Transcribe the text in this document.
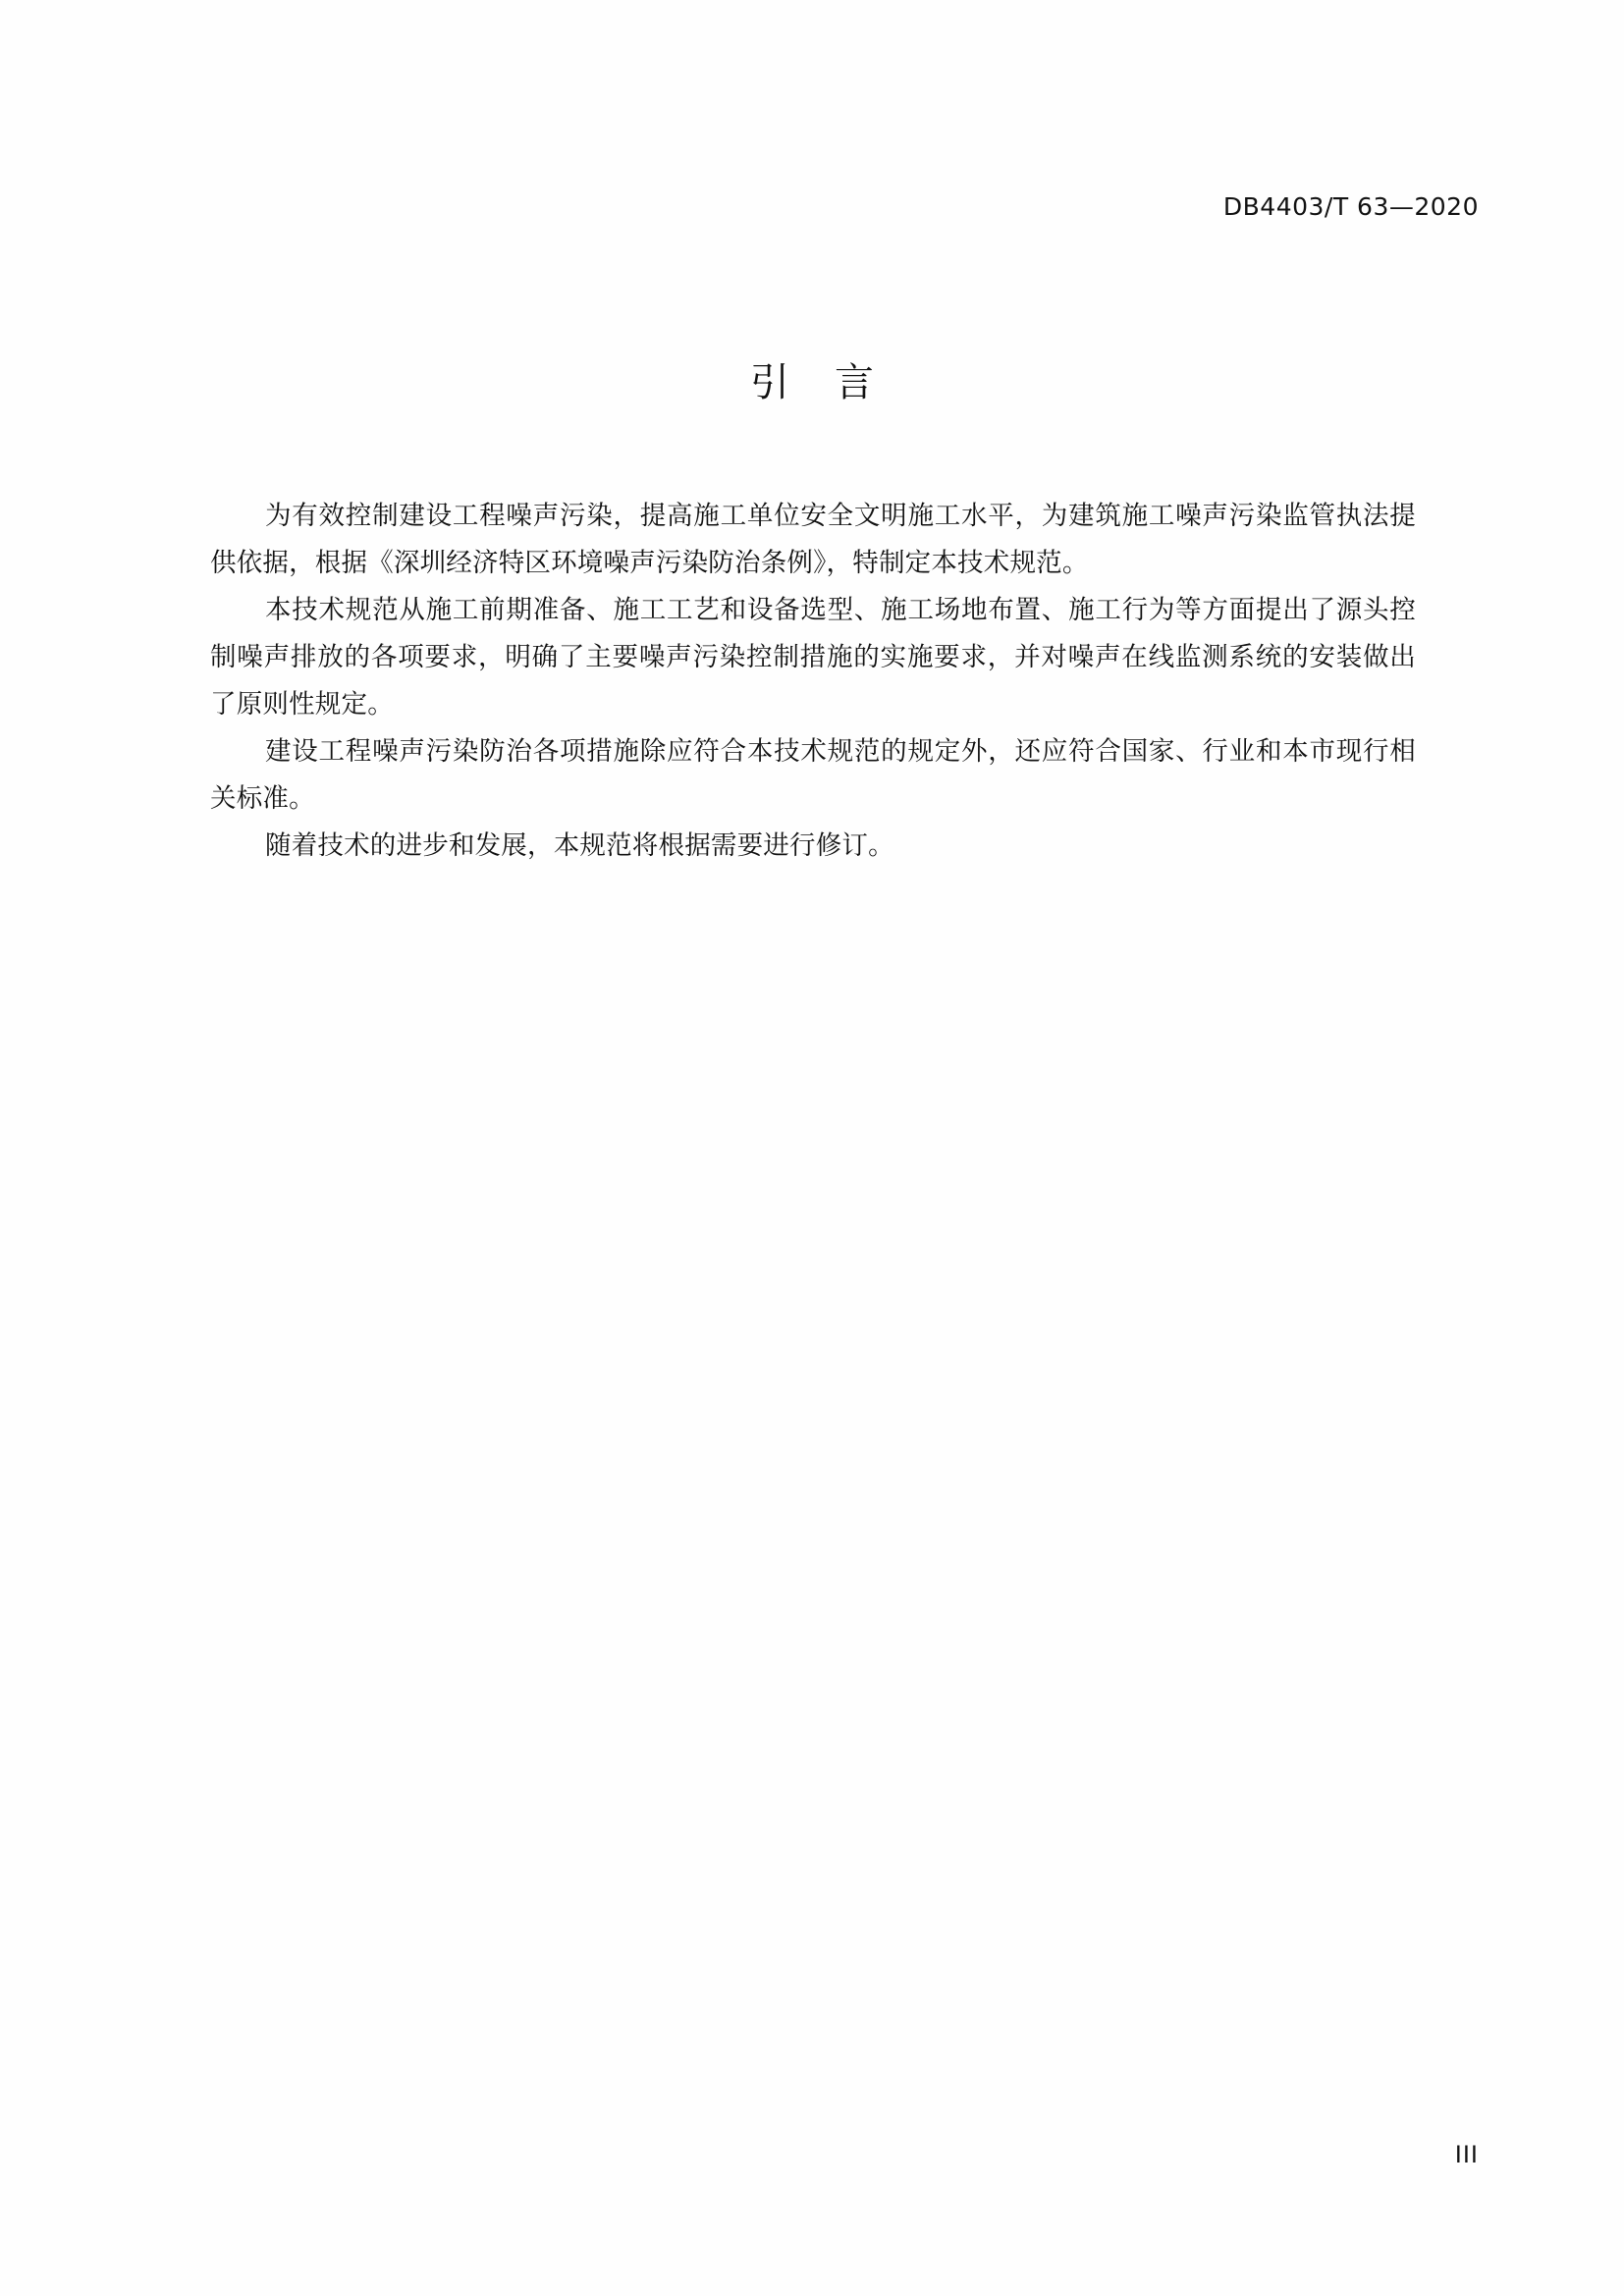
DB4403/T 63—2020
引言

为有效控制建设工程噪声污染，提高施工单位安全文明施工水平，为建筑施工噪声污染监管执法提供依据，根据《深圳经济特区环境噪声污染防治条例》，特制定本技术规范。

本技术规范从施工前期准备、施工工艺和设备选型、施工场地布置、施工行为等方面提出了源头控制噪声排放的各项要求，明确了主要噪声污染控制措施的实施要求，并对噪声在线监测系统的安装做出了原则性规定。

建设工程噪声污染防治各项措施除应符合本技术规范的规定外，还应符合国家、行业和本市现行相关标准。

随着技术的进步和发展，本规范将根据需要进行修订。

III
